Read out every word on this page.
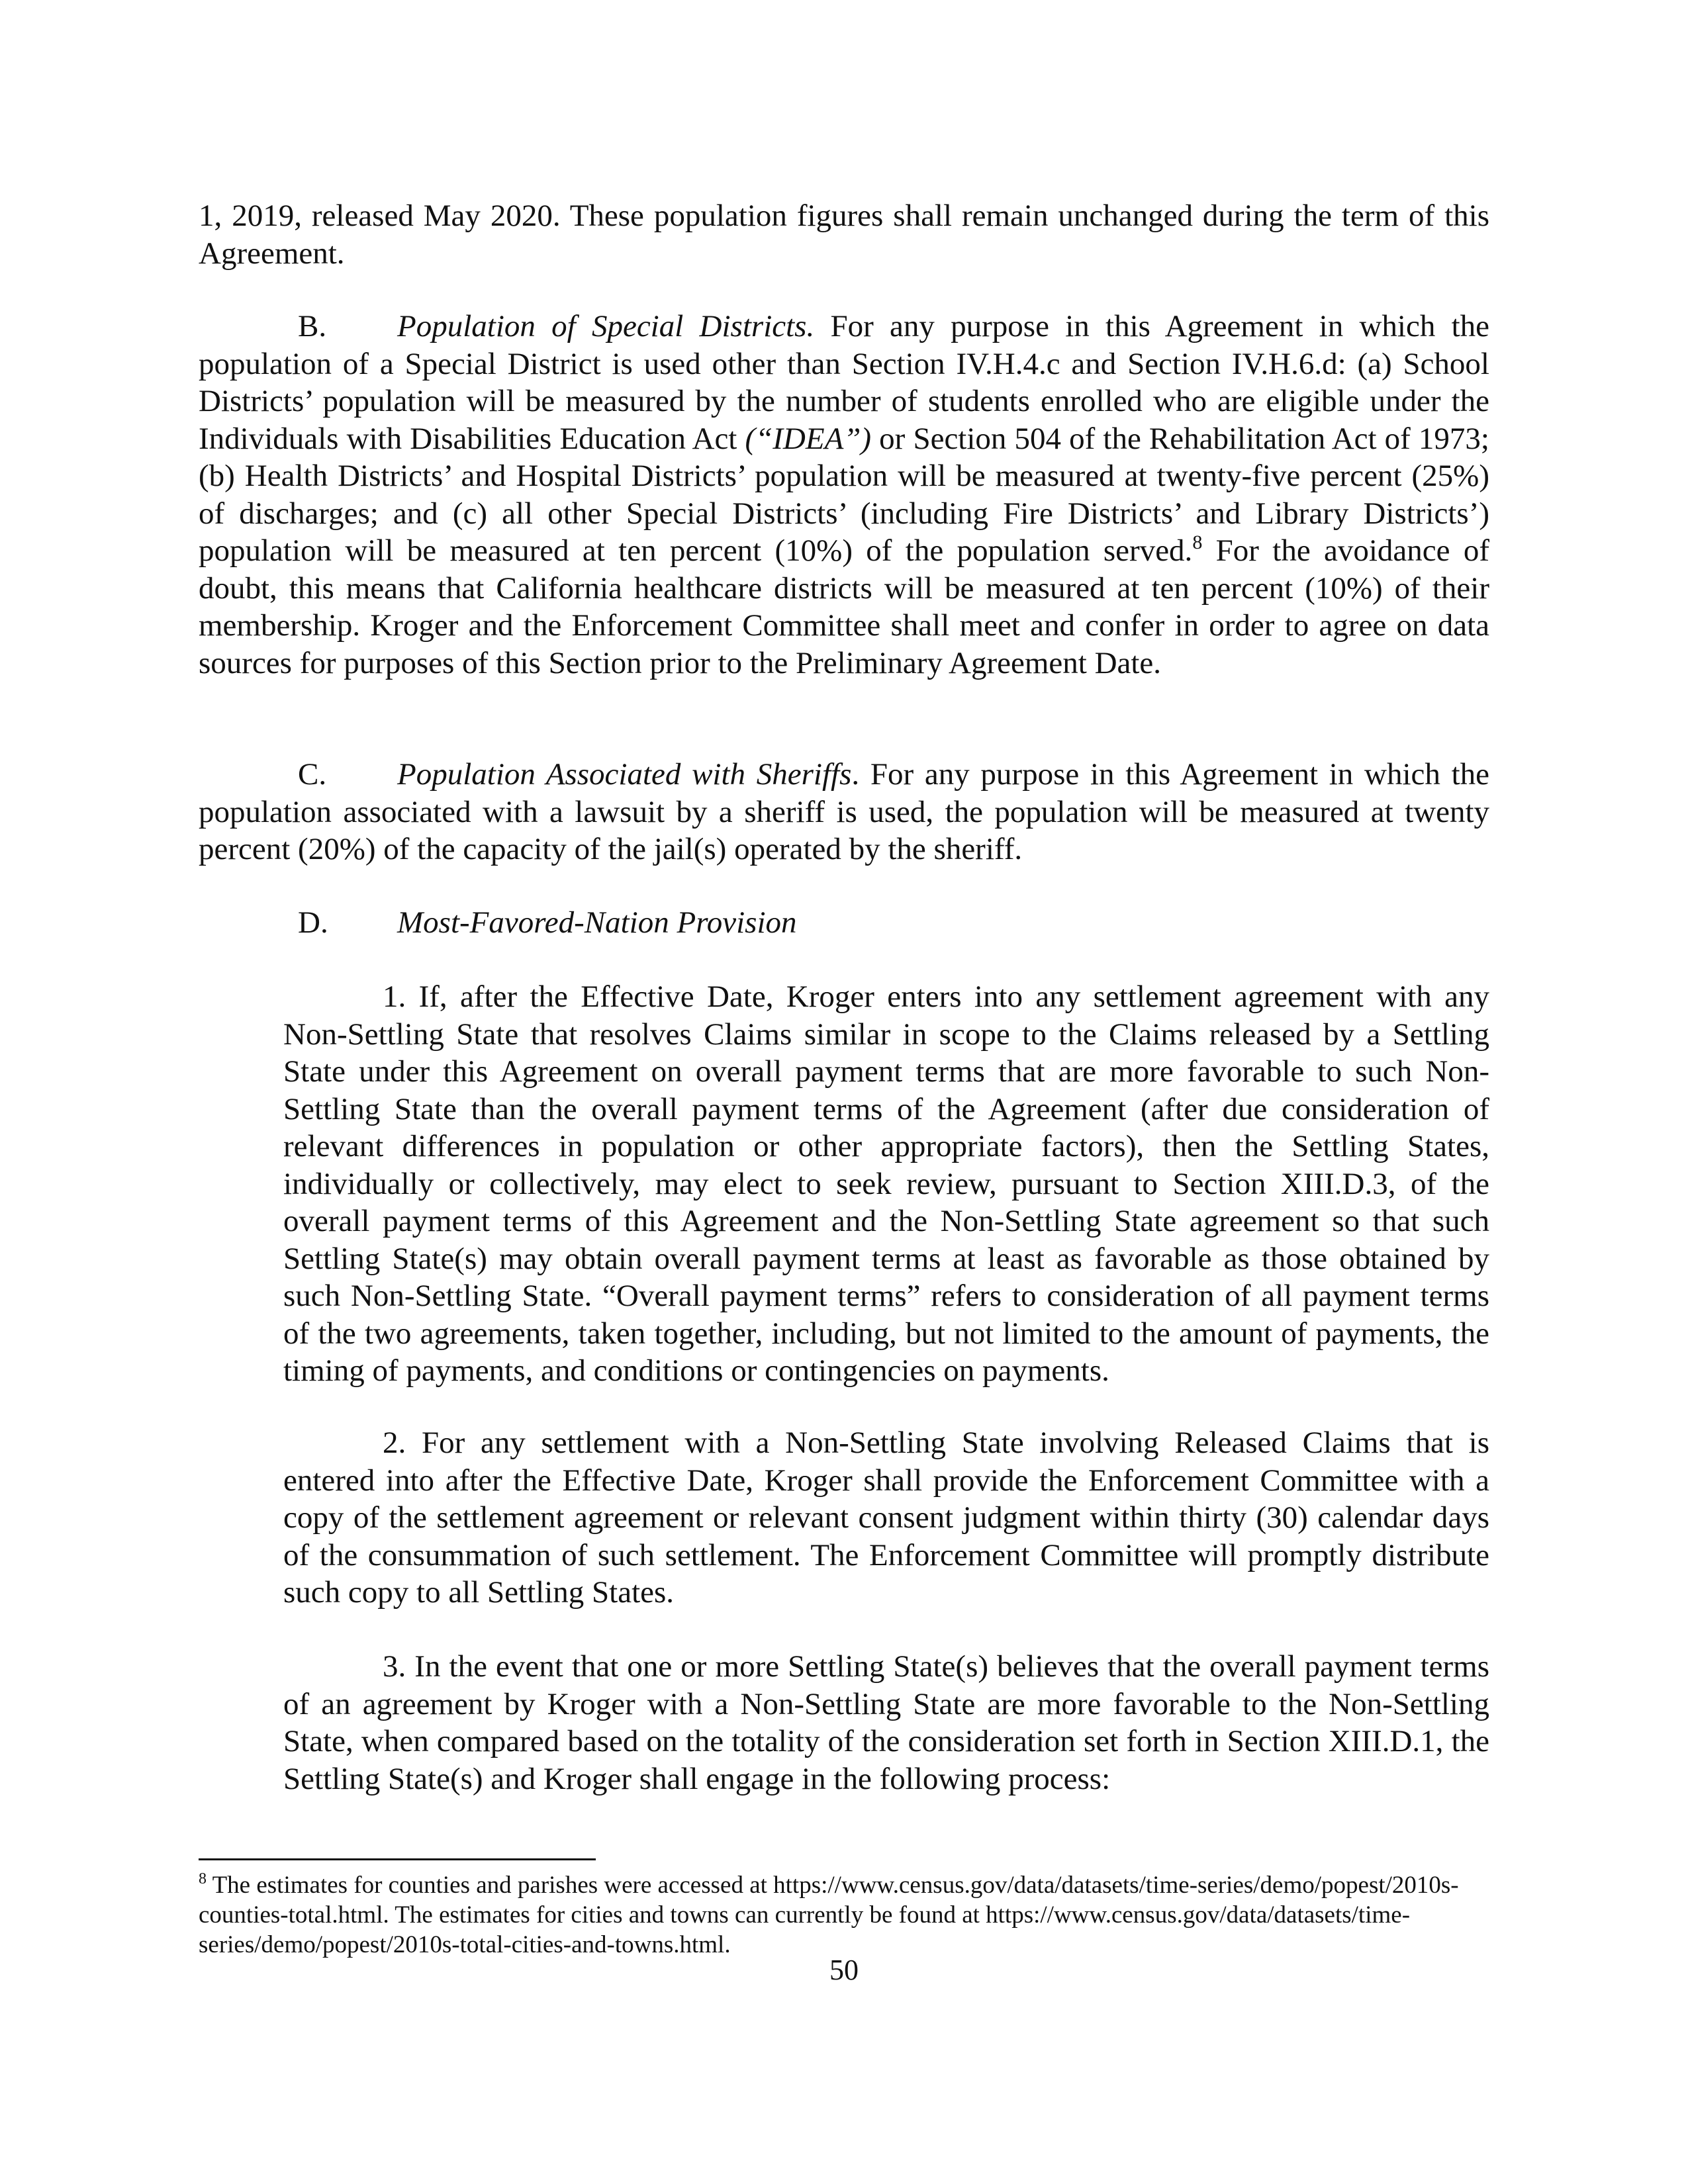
1, 2019, released May 2020. These population figures shall remain unchanged during the term of this Agreement.

B. Population of Special Districts. For any purpose in this Agreement in which the population of a Special District is used other than Section IV.H.4.c and Section IV.H.6.d: (a) School Districts’ population will be measured by the number of students enrolled who are eligible under the Individuals with Disabilities Education Act (“IDEA”) or Section 504 of the Rehabilitation Act of 1973; (b) Health Districts’ and Hospital Districts’ population will be measured at twenty-five percent (25%) of discharges; and (c) all other Special Districts’ (including Fire Districts’ and Library Districts’) population will be measured at ten percent (10%) of the population served.$^8$ For the avoidance of doubt, this means that California healthcare districts will be measured at ten percent (10%) of their membership. Kroger and the Enforcement Committee shall meet and confer in order to agree on data sources for purposes of this Section prior to the Preliminary Agreement Date.

C. Population Associated with Sheriffs. For any purpose in this Agreement in which the population associated with a lawsuit by a sheriff is used, the population will be measured at twenty percent (20%) of the capacity of the jail(s) operated by the sheriff.

D. Most-Favored-Nation Provision

1. If, after the Effective Date, Kroger enters into any settlement agreement with any Non-Settling State that resolves Claims similar in scope to the Claims released by a Settling State under this Agreement on overall payment terms that are more favorable to such Non-Settling State than the overall payment terms of the Agreement (after due consideration of relevant differences in population or other appropriate factors), then the Settling States, individually or collectively, may elect to seek review, pursuant to Section XIII.D.3, of the overall payment terms of this Agreement and the Non-Settling State agreement so that such Settling State(s) may obtain overall payment terms at least as favorable as those obtained by such Non-Settling State. “Overall payment terms” refers to consideration of all payment terms of the two agreements, taken together, including, but not limited to the amount of payments, the timing of payments, and conditions or contingencies on payments.

2. For any settlement with a Non-Settling State involving Released Claims that is entered into after the Effective Date, Kroger shall provide the Enforcement Committee with a copy of the settlement agreement or relevant consent judgment within thirty (30) calendar days of the consummation of such settlement. The Enforcement Committee will promptly distribute such copy to all Settling States.

3. In the event that one or more Settling State(s) believes that the overall payment terms of an agreement by Kroger with a Non-Settling State are more favorable to the Non-Settling State, when compared based on the totality of the consideration set forth in Section XIII.D.1, the Settling State(s) and Kroger shall engage in the following process:

$^8$ The estimates for counties and parishes were accessed at https://www.census.gov/data/datasets/time-series/demo/popest/2010s-counties-total.html. The estimates for cities and towns can currently be found at https://www.census.gov/data/datasets/time-series/demo/popest/2010s-total-cities-and-towns.html.

50
